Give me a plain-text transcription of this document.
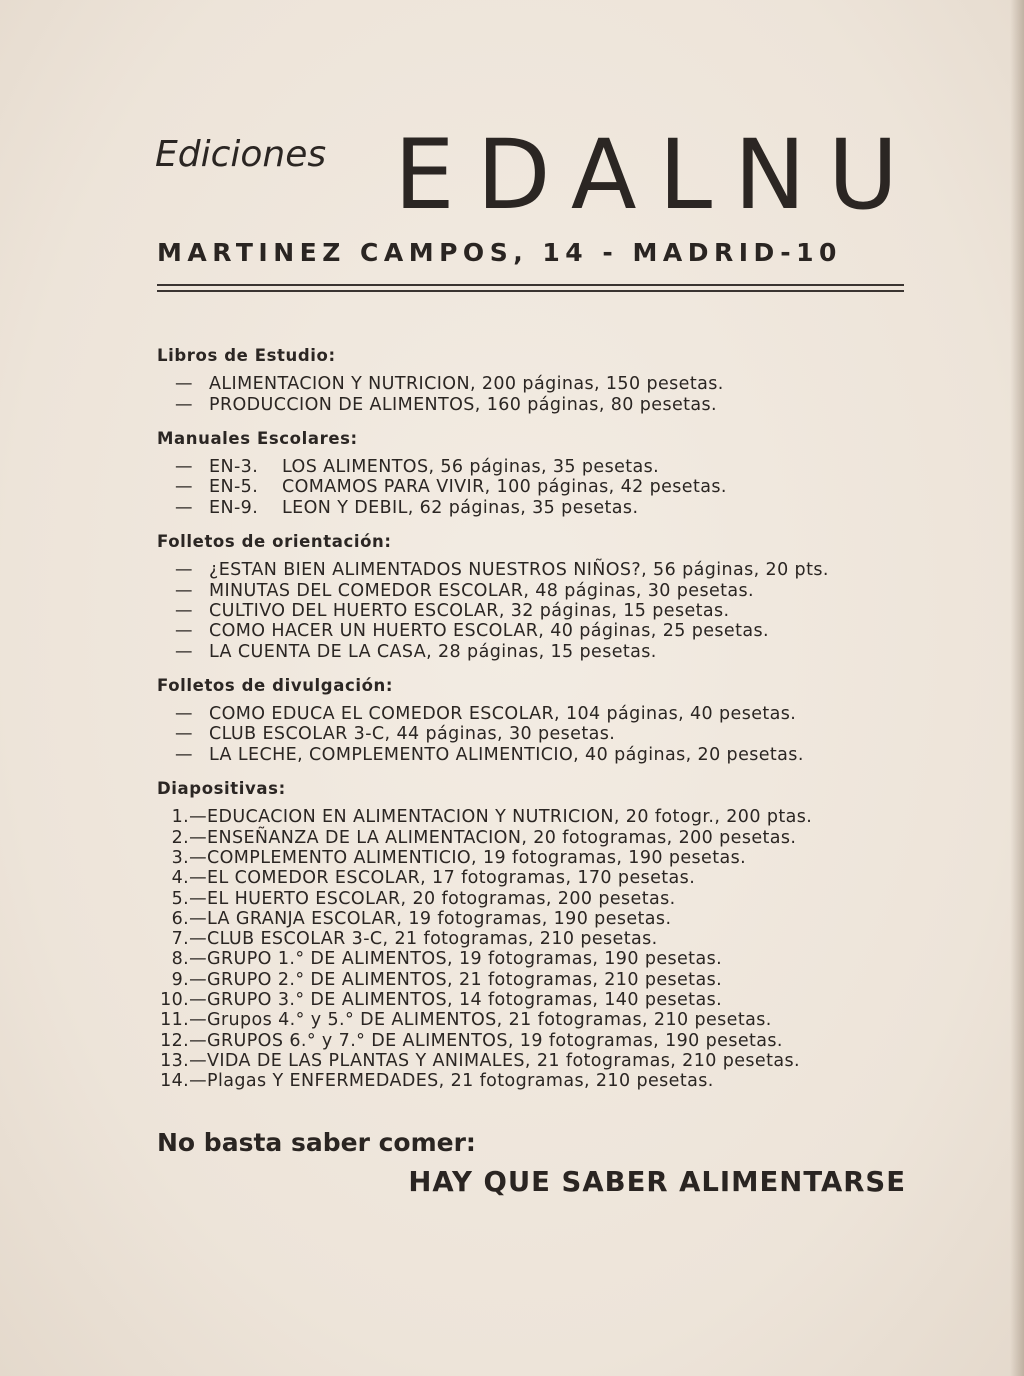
Ediciones EDALNU
MARTINEZ CAMPOS, 14 - MADRID-10
Libros de Estudio:
— ALIMENTACION Y NUTRICION, 200 páginas, 150 pesetas.
— PRODUCCION DE ALIMENTOS, 160 páginas, 80 pesetas.
Manuales Escolares:
— EN-3. LOS ALIMENTOS, 56 páginas, 35 pesetas.
— EN-5. COMAMOS PARA VIVIR, 100 páginas, 42 pesetas.
— EN-9. LEON Y DEBIL, 62 páginas, 35 pesetas.
Folletos de orientación:
— ¿ESTAN BIEN ALIMENTADOS NUESTROS NIÑOS?, 56 páginas, 20 pts.
— MINUTAS DEL COMEDOR ESCOLAR, 48 páginas, 30 pesetas.
— CULTIVO DEL HUERTO ESCOLAR, 32 páginas, 15 pesetas.
— COMO HACER UN HUERTO ESCOLAR, 40 páginas, 25 pesetas.
— LA CUENTA DE LA CASA, 28 páginas, 15 pesetas.
Folletos de divulgación:
— COMO EDUCA EL COMEDOR ESCOLAR, 104 páginas, 40 pesetas.
— CLUB ESCOLAR 3-C, 44 páginas, 30 pesetas.
— LA LECHE, COMPLEMENTO ALIMENTICIO, 40 páginas, 20 pesetas.
Diapositivas:
1.—EDUCACION EN ALIMENTACION Y NUTRICION, 20 fotogr., 200 ptas.
2.—ENSEÑANZA DE LA ALIMENTACION, 20 fotogramas, 200 pesetas.
3.—COMPLEMENTO ALIMENTICIO, 19 fotogramas, 190 pesetas.
4.—EL COMEDOR ESCOLAR, 17 fotogramas, 170 pesetas.
5.—EL HUERTO ESCOLAR, 20 fotogramas, 200 pesetas.
6.—LA GRANJA ESCOLAR, 19 fotogramas, 190 pesetas.
7.—CLUB ESCOLAR 3-C, 21 fotogramas, 210 pesetas.
8.—GRUPO 1.° DE ALIMENTOS, 19 fotogramas, 190 pesetas.
9.—GRUPO 2.° DE ALIMENTOS, 21 fotogramas, 210 pesetas.
10.—GRUPO 3.° DE ALIMENTOS, 14 fotogramas, 140 pesetas.
11.—Grupos 4.° y 5.° DE ALIMENTOS, 21 fotogramas, 210 pesetas.
12.—GRUPOS 6.° y 7.° DE ALIMENTOS, 19 fotogramas, 190 pesetas.
13.—VIDA DE LAS PLANTAS Y ANIMALES, 21 fotogramas, 210 pesetas.
14.—Plagas Y ENFERMEDADES, 21 fotogramas, 210 pesetas.
No basta saber comer:
HAY QUE SABER ALIMENTARSE
